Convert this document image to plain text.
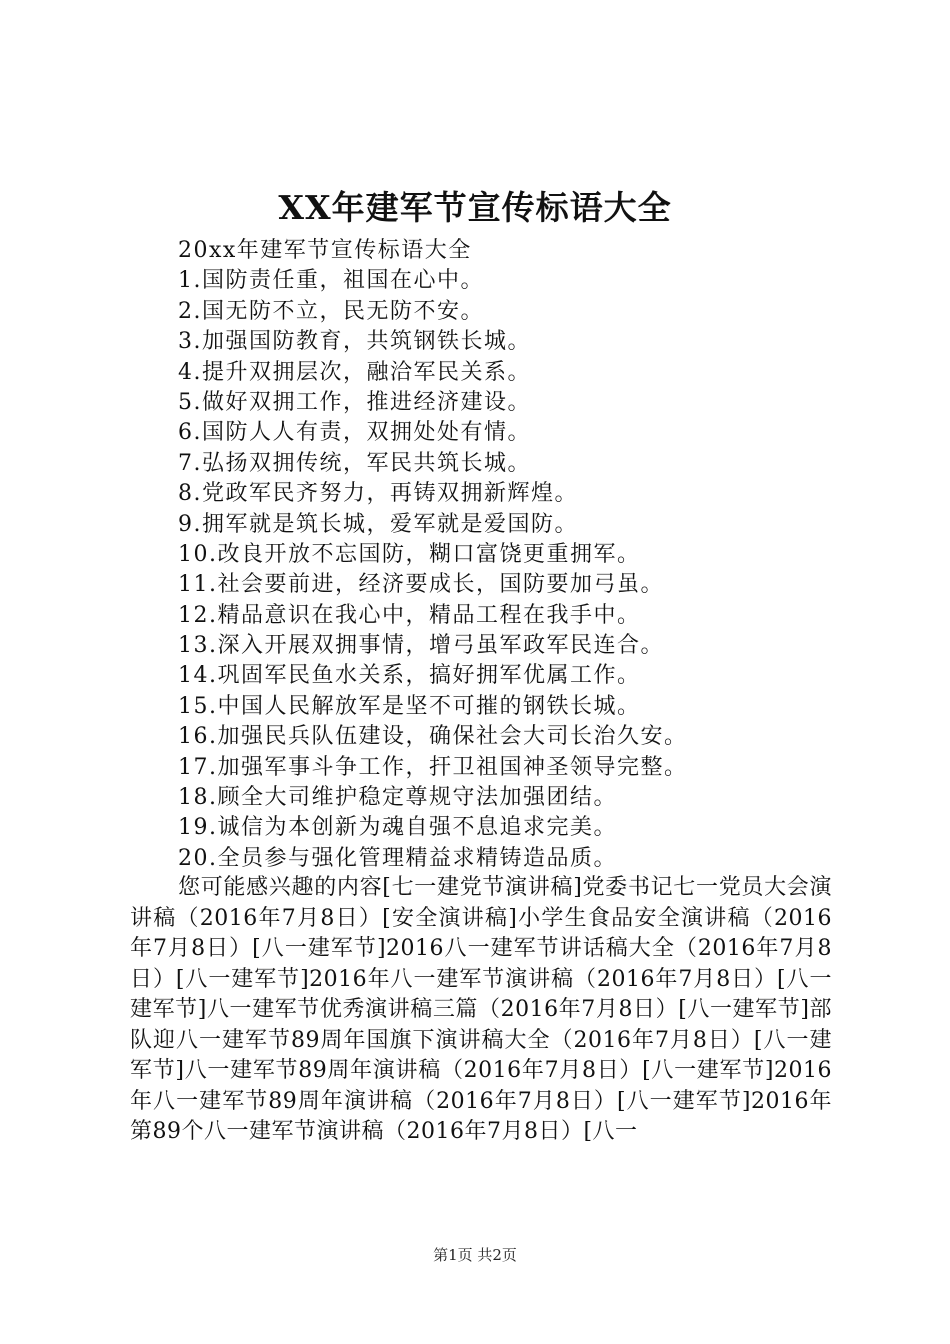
XX年建军节宣传标语大全
20xx年建军节宣传标语大全
1.国防责任重，祖国在心中。
2.国无防不立，民无防不安。
3.加强国防教育，共筑钢铁长城。
4.提升双拥层次，融洽军民关系。
5.做好双拥工作，推进经济建设。
6.国防人人有责，双拥处处有情。
7.弘扬双拥传统，军民共筑长城。
8.党政军民齐努力，再铸双拥新辉煌。
9.拥军就是筑长城，爱军就是爱国防。
10.改良开放不忘国防，糊口富饶更重拥军。
11.社会要前进，经济要成长，国防要加弓虽。
12.精品意识在我心中，精品工程在我手中。
13.深入开展双拥事情，增弓虽军政军民连合。
14.巩固军民鱼水关系，搞好拥军优属工作。
15.中国人民解放军是坚不可摧的钢铁长城。
16.加强民兵队伍建设，确保社会大司长治久安。
17.加强军事斗争工作，扞卫祖国神圣领导完整。
18.顾全大司维护稳定尊规守法加强团结。
19.诚信为本创新为魂自强不息追求完美。
20.全员参与强化管理精益求精铸造品质。

您可能感兴趣的内容[七一建党节演讲稿]党委书记七一党员大会演讲稿（2016年7月8日）[安全演讲稿]小学生食品安全演讲稿（2016年7月8日）[八一建军节]2016八一建军节讲话稿大全（2016年7月8日）[八一建军节]2016年八一建军节演讲稿（2016年7月8日）[八一建军节]八一建军节优秀演讲稿三篇（2016年7月8日）[八一建军节]部队迎八一建军节89周年国旗下演讲稿大全（2016年7月8日）[八一建军节]八一建军节89周年演讲稿（2016年7月8日）[八一建军节]2016年八一建军节89周年演讲稿（2016年7月8日）[八一建军节]2016年第89个八一建军节演讲稿（2016年7月8日）[八一

第1页 共2页
